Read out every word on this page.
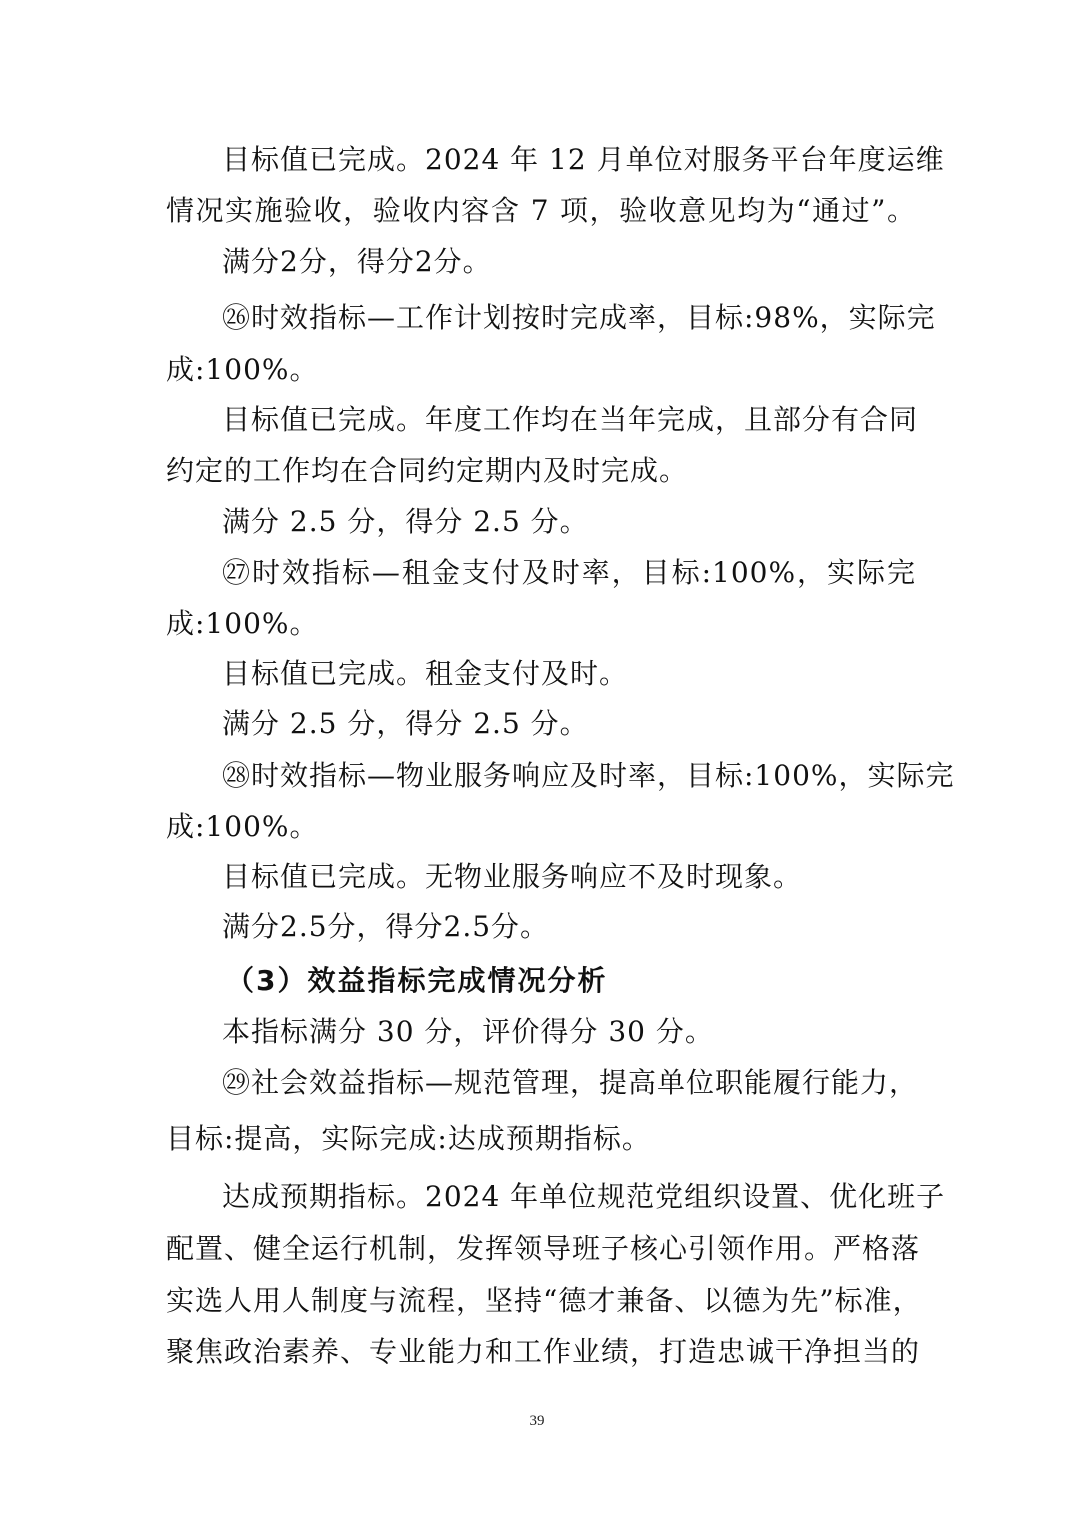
目标值已完成。2024 年 12 月单位对服务平台年度运维
情况实施验收，验收内容含 7 项，验收意见均为“通过”。
满分2分，得分2分。
㉖时效指标—工作计划按时完成率，目标:98%，实际完
成:100%。
目标值已完成。年度工作均在当年完成，且部分有合同
约定的工作均在合同约定期内及时完成。
满分 2.5 分，得分 2.5 分。
㉗时效指标—租金支付及时率，目标:100%，实际完
成:100%。
目标值已完成。租金支付及时。
满分 2.5 分，得分 2.5 分。
㉘时效指标—物业服务响应及时率，目标:100%，实际完
成:100%。
目标值已完成。无物业服务响应不及时现象。
满分2.5分，得分2.5分。
（3）效益指标完成情况分析
本指标满分 30 分，评价得分 30 分。
㉙社会效益指标—规范管理，提高单位职能履行能力，
目标:提高，实际完成:达成预期指标。
达成预期指标。2024 年单位规范党组织设置、优化班子
配置、健全运行机制，发挥领导班子核心引领作用。严格落
实选人用人制度与流程，坚持“德才兼备、以德为先”标准，
聚焦政治素养、专业能力和工作业绩，打造忠诚干净担当的
39
